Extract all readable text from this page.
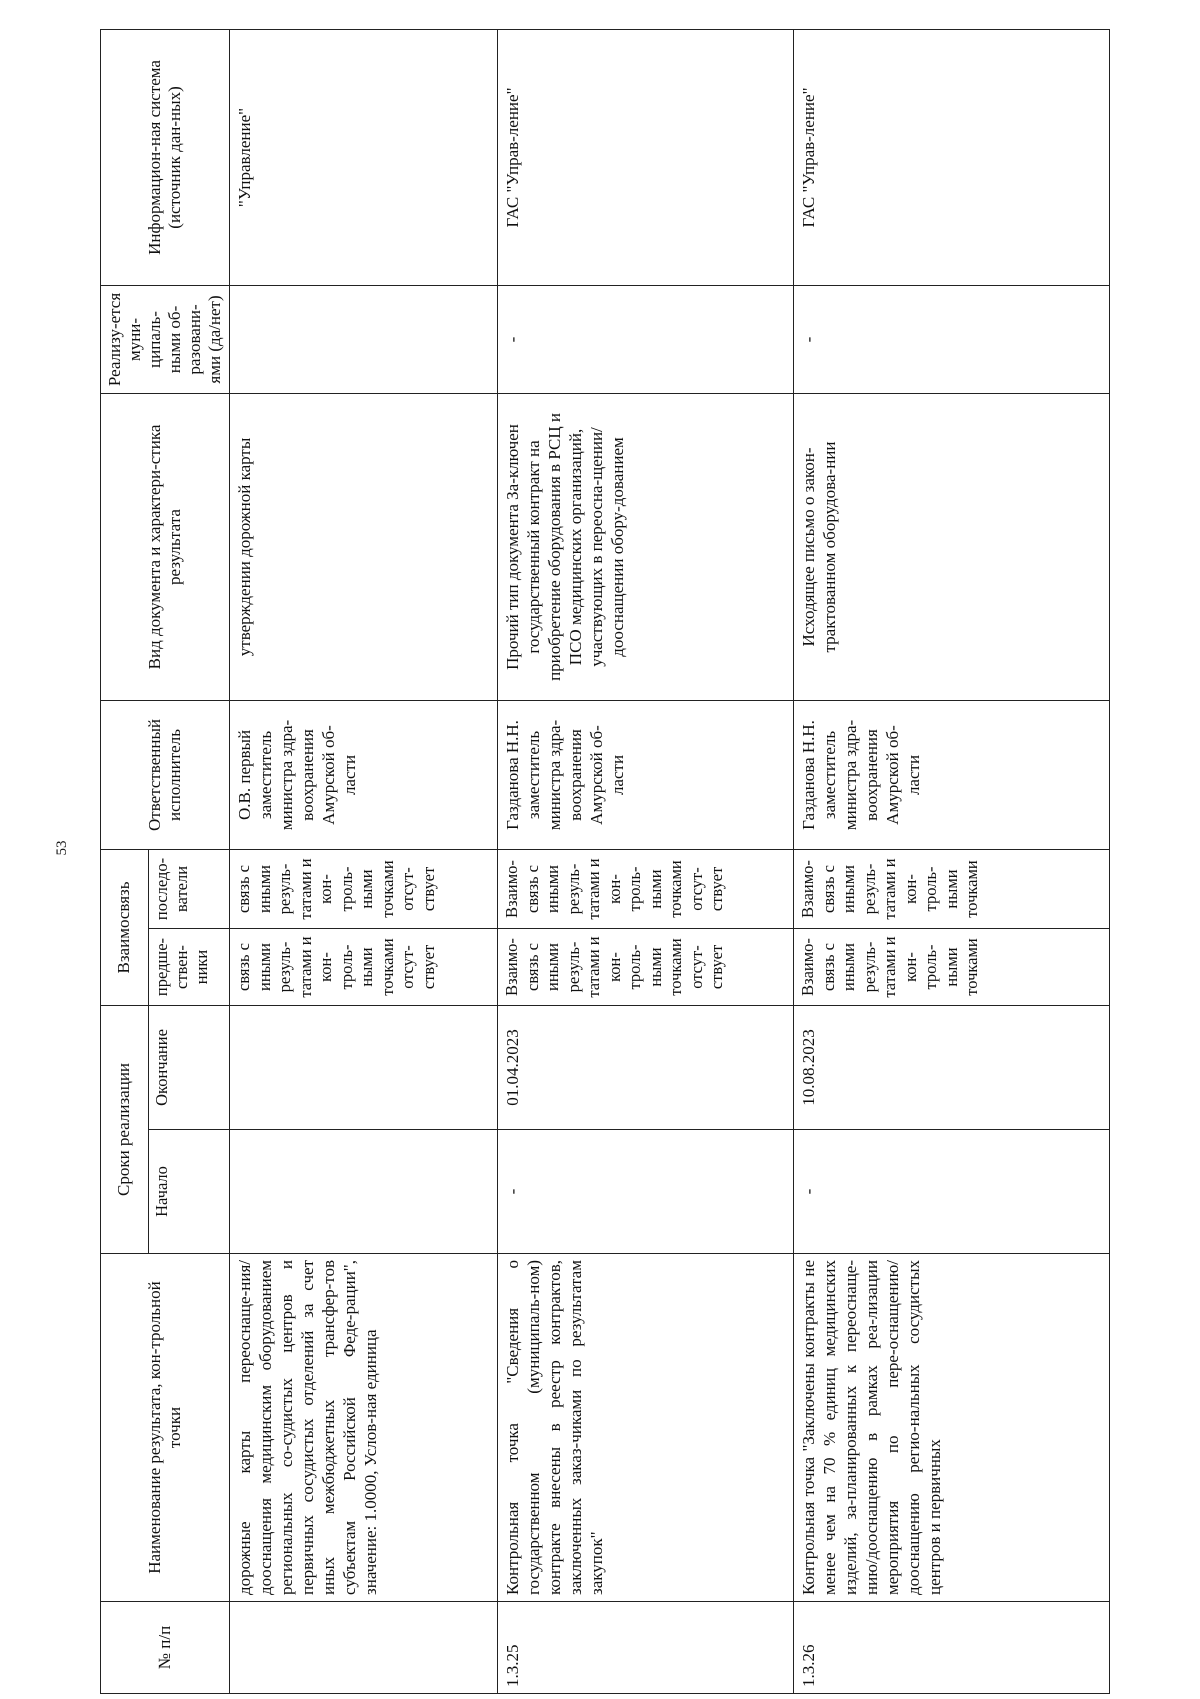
53
№ п/п	Наименование результата, кон-трольной точки	Сроки реализации		Взаимосвязь		Ответственный исполнитель	Вид документа и характери-стика результата	Реализу-ется муни-ципаль-ными об-разовани-ями (да/нет)	Информацион-ная система (источник дан-ных)
		Начало	Окончание	предше-ствен-ники	последо-ватели				
	дорожные карты переоснаще-ния/дооснащения медицинским оборудованием региональных со-судистых центров и первичных сосудистых отделений за счет иных межбюджетных трансфер-тов субъектам Российской Феде-рации", значение: 1.0000, Услов-ная единица			связь с иными резуль-татами и кон-троль-ными точками отсут-ствует	связь с иными резуль-татами и кон-троль-ными точками отсут-ствует	О.В. первый заместитель министра здра-воохранения Амурской об-ласти	утверждении дорожной карты		"Управление"
1.3.25	Контрольная точка "Сведения о государственном (муниципаль-ном) контракте внесены в реестр контрактов, заключенных заказ-чиками по результатам закупок"	-	01.04.2023	Взаимо-связь с иными резуль-татами и кон-троль-ными точками отсут-ствует	Взаимо-связь с иными резуль-татами и кон-троль-ными точками отсут-ствует	Газданова Н.Н. заместитель министра здра-воохранения Амурской об-ласти	Прочий тип документа За-ключен государственный контракт на приобретение оборудования в РСЦ и ПСО медицинских организаций, участвующих в переосна-щении/дооснащении обору-дованием	-	ГАС "Управ-ление"
1.3.26	Контрольная точка "Заключены контракты не менее чем на 70 % единиц медицинских изделий, за-планированных к переоснаще-нию/дооснащению в рамках реа-лизации мероприятия по пере-оснащению/дооснащению регио-нальных сосудистых центров и первичных	-	10.08.2023	Взаимо-связь с иными резуль-татами и кон-троль-ными точками	Взаимо-связь с иными резуль-татами и кон-троль-ными точками	Газданова Н.Н. заместитель министра здра-воохранения Амурской об-ласти	Исходящее письмо о закон-трактованном оборудова-нии	-	ГАС "Управ-ление"
